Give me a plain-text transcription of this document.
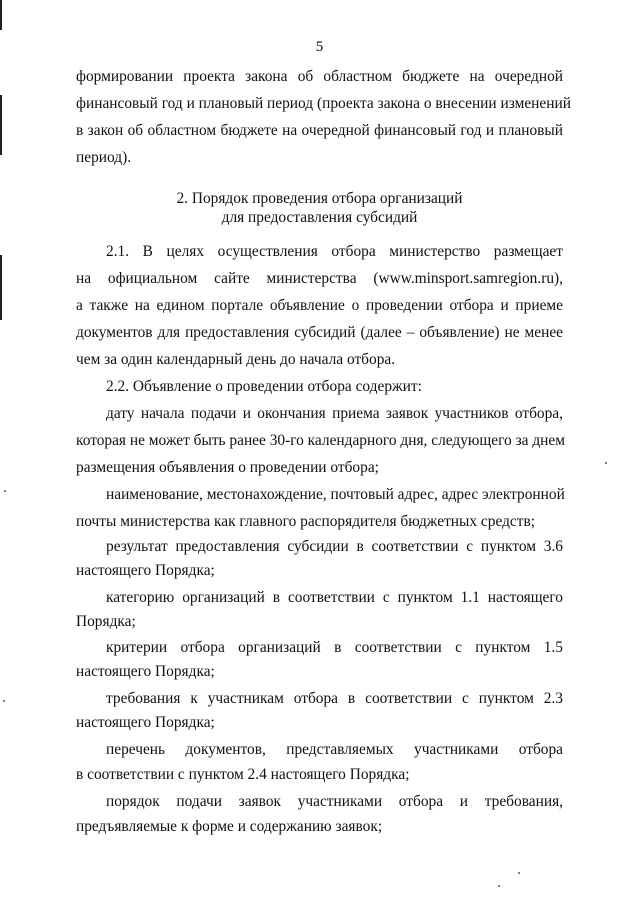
5
формировании проекта закона об областном бюджете на очередной
финансовый год и плановый период (проекта закона о внесении изменений
в закон об областном бюджете на очередной финансовый год и плановый
период).
2. Порядок проведения отбора организаций
для предоставления субсидий
2.1. В целях осуществления отбора министерство размещает
на официальном сайте министерства (www.minsport.samregion.ru),
а также на едином портале объявление о проведении отбора и приеме
документов для предоставления субсидий (далее – объявление) не менее
чем за один календарный день до начала отбора.
2.2. Объявление о проведении отбора содержит:
дату начала подачи и окончания приема заявок участников отбора,
которая не может быть ранее 30-го календарного дня, следующего за днем
размещения объявления о проведении отбора;
наименование, местонахождение, почтовый адрес, адрес электронной
почты министерства как главного распорядителя бюджетных средств;
результат предоставления субсидии в соответствии с пунктом 3.6
настоящего Порядка;
категорию организаций в соответствии с пунктом 1.1 настоящего
Порядка;
критерии отбора организаций в соответствии с пунктом 1.5
настоящего Порядка;
требования к участникам отбора в соответствии с пунктом 2.3
настоящего Порядка;
перечень документов, представляемых участниками отбора
в соответствии с пунктом 2.4 настоящего Порядка;
порядок подачи заявок участниками отбора и требования,
предъявляемые к форме и содержанию заявок;
